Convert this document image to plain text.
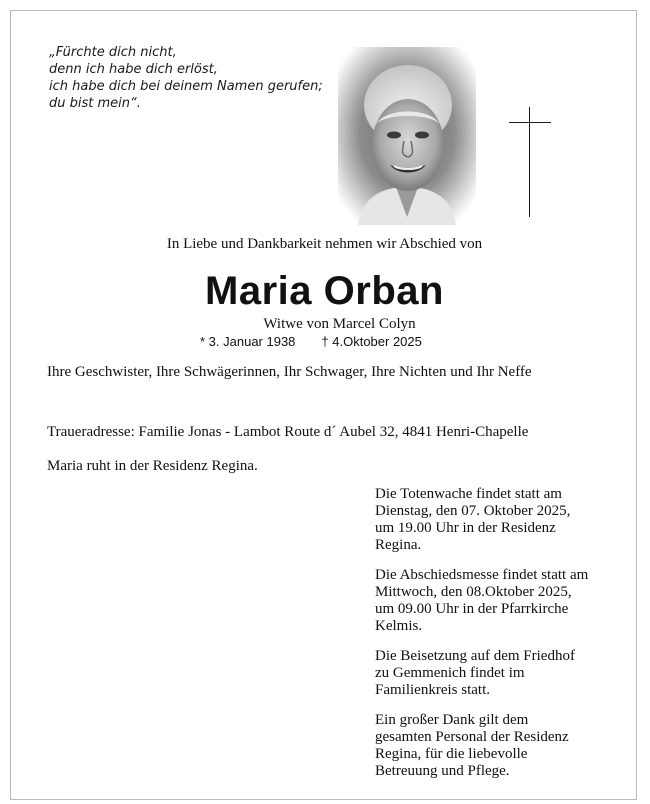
„Fürchte dich nicht,
denn ich habe dich erlöst,
ich habe dich bei deinem Namen gerufen;
du bist mein“.

In Liebe und Dankbarkeit nehmen wir Abschied von

Maria Orban

Witwe von Marcel Colyn

* 3. Januar 1938 † 4.Oktober 2025

Ihre Geschwister, Ihre Schwägerinnen, Ihr Schwager, Ihre Nichten und Ihr Neffe

Traueradresse: Familie Jonas - Lambot Route d´ Aubel 32, 4841 Henri-Chapelle

Maria ruht in der Residenz Regina.

Die Totenwache findet statt am
Dienstag, den 07. Oktober 2025,
um 19.00 Uhr in der Residenz
Regina.
Die Abschiedsmesse findet statt am
Mittwoch, den 08.Oktober 2025,
um 09.00 Uhr in der Pfarrkirche
Kelmis.
Die Beisetzung auf dem Friedhof
zu Gemmenich findet im
Familienkreis statt.
Ein großer Dank gilt dem
gesamten Personal der Residenz
Regina, für die liebevolle
Betreuung und Pflege.
